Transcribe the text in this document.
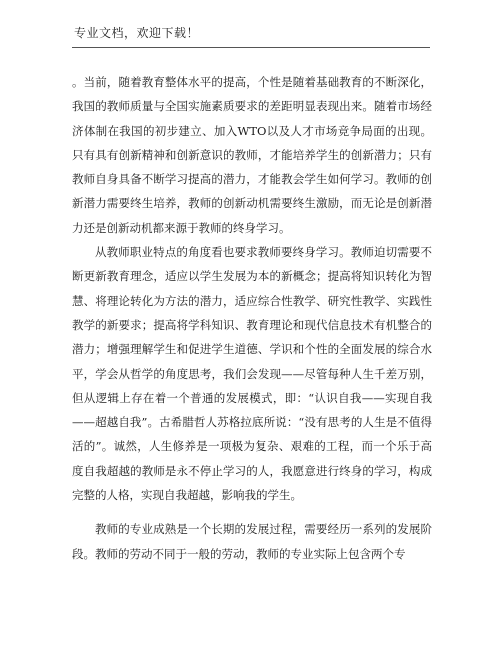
专业文档，欢迎下载！

。当前，随着教育整体水平的提高，个性是随着基础教育的不断深化，我国的教师质量与全国实施素质要求的差距明显表现出来。随着市场经济体制在我国的初步建立、加入WTO以及人才市场竞争局面的出现。只有具有创新精神和创新意识的教师，才能培养学生的创新潜力；只有教师自身具备不断学习提高的潜力，才能教会学生如何学习。教师的创新潜力需要终生培养，教师的创新动机需要终生激励，而无论是创新潜力还是创新动机都来源于教师的终身学习。

从教师职业特点的角度看也要求教师要终身学习。教师迫切需要不断更新教育理念，适应以学生发展为本的新概念；提高将知识转化为智慧、将理论转化为方法的潜力，适应综合性教学、研究性教学、实践性教学的新要求；提高将学科知识、教育理论和现代信息技术有机整合的潜力；增强理解学生和促进学生道德、学识和个性的全面发展的综合水平，学会从哲学的角度思考，我们会发现——尽管每种人生千差万别，但从逻辑上存在着一个普通的发展模式，即：“认识自我——实现自我——超越自我”。古希腊哲人苏格拉底所说：“没有思考的人生是不值得活的”。诚然，人生修养是一项极为复杂、艰难的工程，而一个乐于高度自我超越的教师是永不停止学习的人，我愿意进行终身的学习，构成完整的人格，实现自我超越，影响我的学生。

教师的专业成熟是一个长期的发展过程，需要经历一系列的发展阶段。教师的劳动不同于一般的劳动，教师的专业实际上包含两个专
